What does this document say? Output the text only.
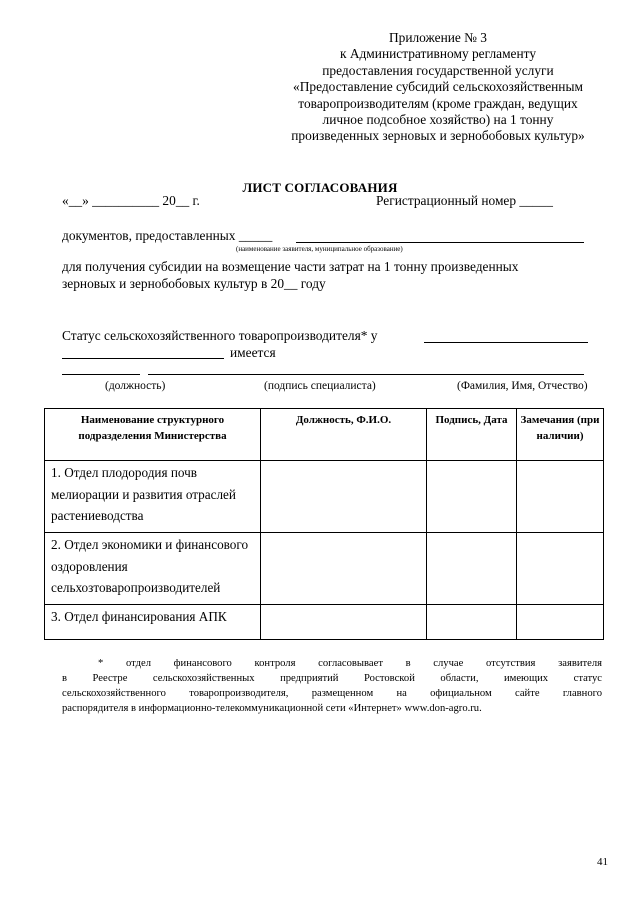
Приложение № 3
к Административному регламенту
предоставления государственной услуги
«Предоставление субсидий сельскохозяйственным
товаропроизводителям (кроме граждан, ведущих
личное подсобное хозяйство) на 1 тонну
произведенных зерновых и зернобобовых культур»
ЛИСТ СОГЛАСОВАНИЯ
«__» __________ 20__ г.	Регистрационный номер _____
документов, предоставленных _____
(наименование заявителя, муниципальное образование)
для получения субсидии на возмещение части затрат на 1 тонну произведенных
зерновых и зернобобовых культур в 20__ году
Статус сельскохозяйственного товаропроизводителя* у
имеется
(должность)	(подпись специалиста)	(Фамилия, Имя, Отчество)
Наименование структурного подразделения Министерства	Должность, Ф.И.О.	Подпись, Дата	Замечания (при наличии)
1. Отдел плодородия почв мелиорации и развития отраслей растениеводства			
2. Отдел экономики и финансового оздоровления сельхозтоваропроизводителей			
3. Отдел финансирования АПК			
* отдел финансового контроля согласовывает в случае отсутствия заявителя
в Реестре сельскохозяйственных предприятий Ростовской области, имеющих статус
сельскохозяйственного товаропроизводителя, размещенном на официальном сайте главного
распорядителя в информационно-телекоммуникационной сети «Интернет» www.don-agro.ru.
41
